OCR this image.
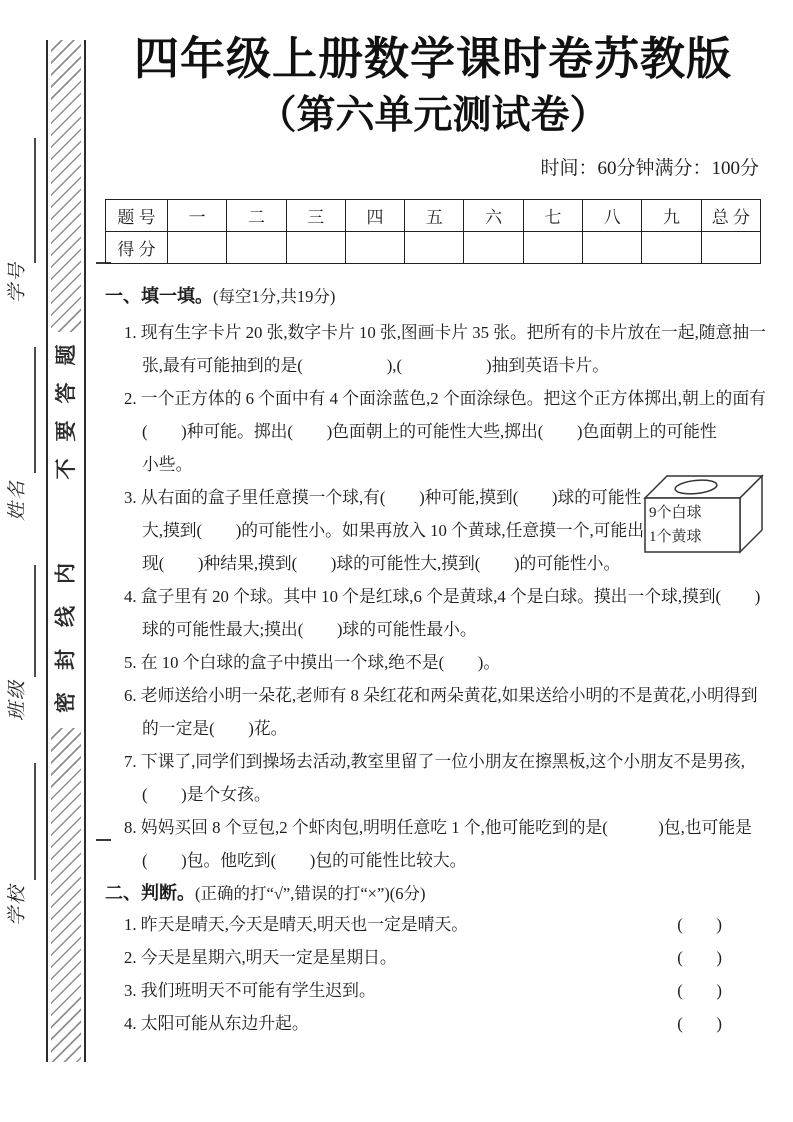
题
答
要
不
内
线
封
密
学号
姓名
班级
学校
四年级上册数学课时卷苏教版
（第六单元测试卷）
时间：60分钟满分：100分
题 号	一	二	三	四	五	六	七	八	九	总 分
得 分										
一、填一填。(每空1分,共19分)
1. 现有生字卡片 20 张,数字卡片 10 张,图画卡片 35 张。把所有的卡片放在一起,随意抽一
张,最有可能抽到的是(　　　　　),(　　　　　)抽到英语卡片。
2. 一个正方体的 6 个面中有 4 个面涂蓝色,2 个面涂绿色。把这个正方体掷出,朝上的面有
(　　)种可能。掷出(　　)色面朝上的可能性大些,掷出(　　)色面朝上的可能性
小些。
3. 从右面的盒子里任意摸一个球,有(　　)种可能,摸到(　　)球的可能性
大,摸到(　　)的可能性小。如果再放入 10 个黄球,任意摸一个,可能出
现(　　)种结果,摸到(　　)球的可能性大,摸到(　　)的可能性小。
4. 盒子里有 20 个球。其中 10 个是红球,6 个是黄球,4 个是白球。摸出一个球,摸到(　　)
球的可能性最大;摸出(　　)球的可能性最小。
5. 在 10 个白球的盒子中摸出一个球,绝不是(　　)。
6. 老师送给小明一朵花,老师有 8 朵红花和两朵黄花,如果送给小明的不是黄花,小明得到
的一定是(　　)花。
7. 下课了,同学们到操场去活动,教室里留了一位小朋友在擦黑板,这个小朋友不是男孩,
(　　)是个女孩。
8. 妈妈买回 8 个豆包,2 个虾肉包,明明任意吃 1 个,他可能吃到的是(　　　)包,也可能是
(　　)包。他吃到(　　)包的可能性比较大。
二、判断。(正确的打“√”,错误的打“×”)(6分)
1. 昨天是晴天,今天是晴天,明天也一定是晴天。	(　　)
2. 今天是星期六,明天一定是星期日。	(　　)
3. 我们班明天不可能有学生迟到。	(　　)
4. 太阳可能从东边升起。	(　　)
9个白球
1个黄球
